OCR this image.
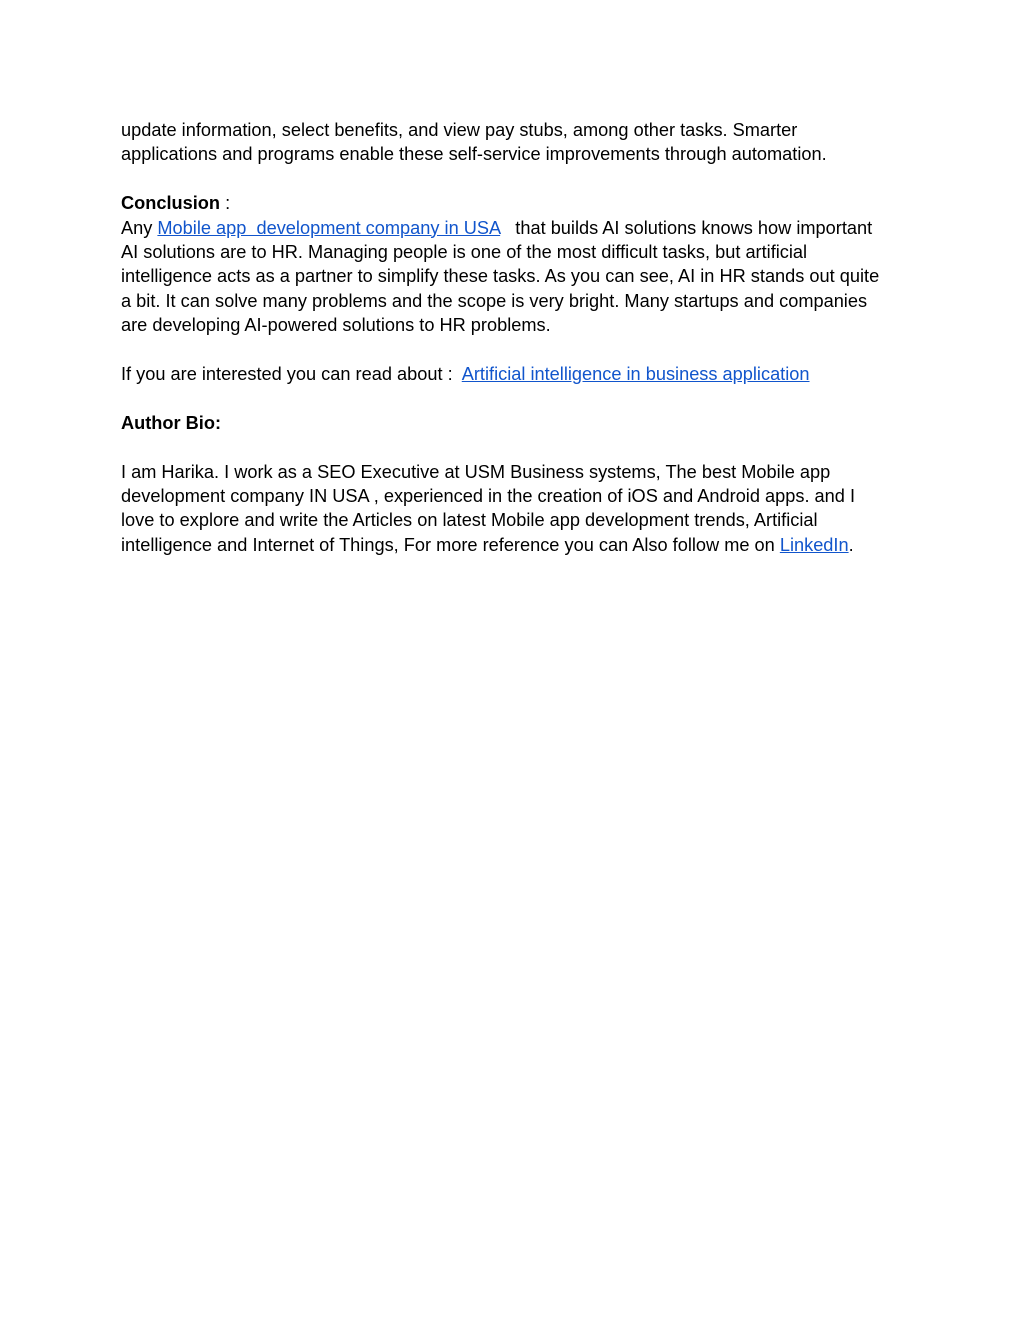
update information, select benefits, and view pay stubs, among other tasks. Smarter

applications and programs enable these self-service improvements through automation.

Conclusion :

Any Mobile app  development company in USA   that builds AI solutions knows how important

AI solutions are to HR. Managing people is one of the most difficult tasks, but artificial

intelligence acts as a partner to simplify these tasks. As you can see, AI in HR stands out quite

a bit. It can solve many problems and the scope is very bright. Many startups and companies

are developing AI-powered solutions to HR problems.

If you are interested you can read about :  Artificial intelligence in business application

Author Bio:

I am Harika. I work as a SEO Executive at USM Business systems, The best Mobile app

development company IN USA , experienced in the creation of iOS and Android apps. and I

love to explore and write the Articles on latest Mobile app development trends, Artificial

intelligence and Internet of Things, For more reference you can Also follow me on LinkedIn.
